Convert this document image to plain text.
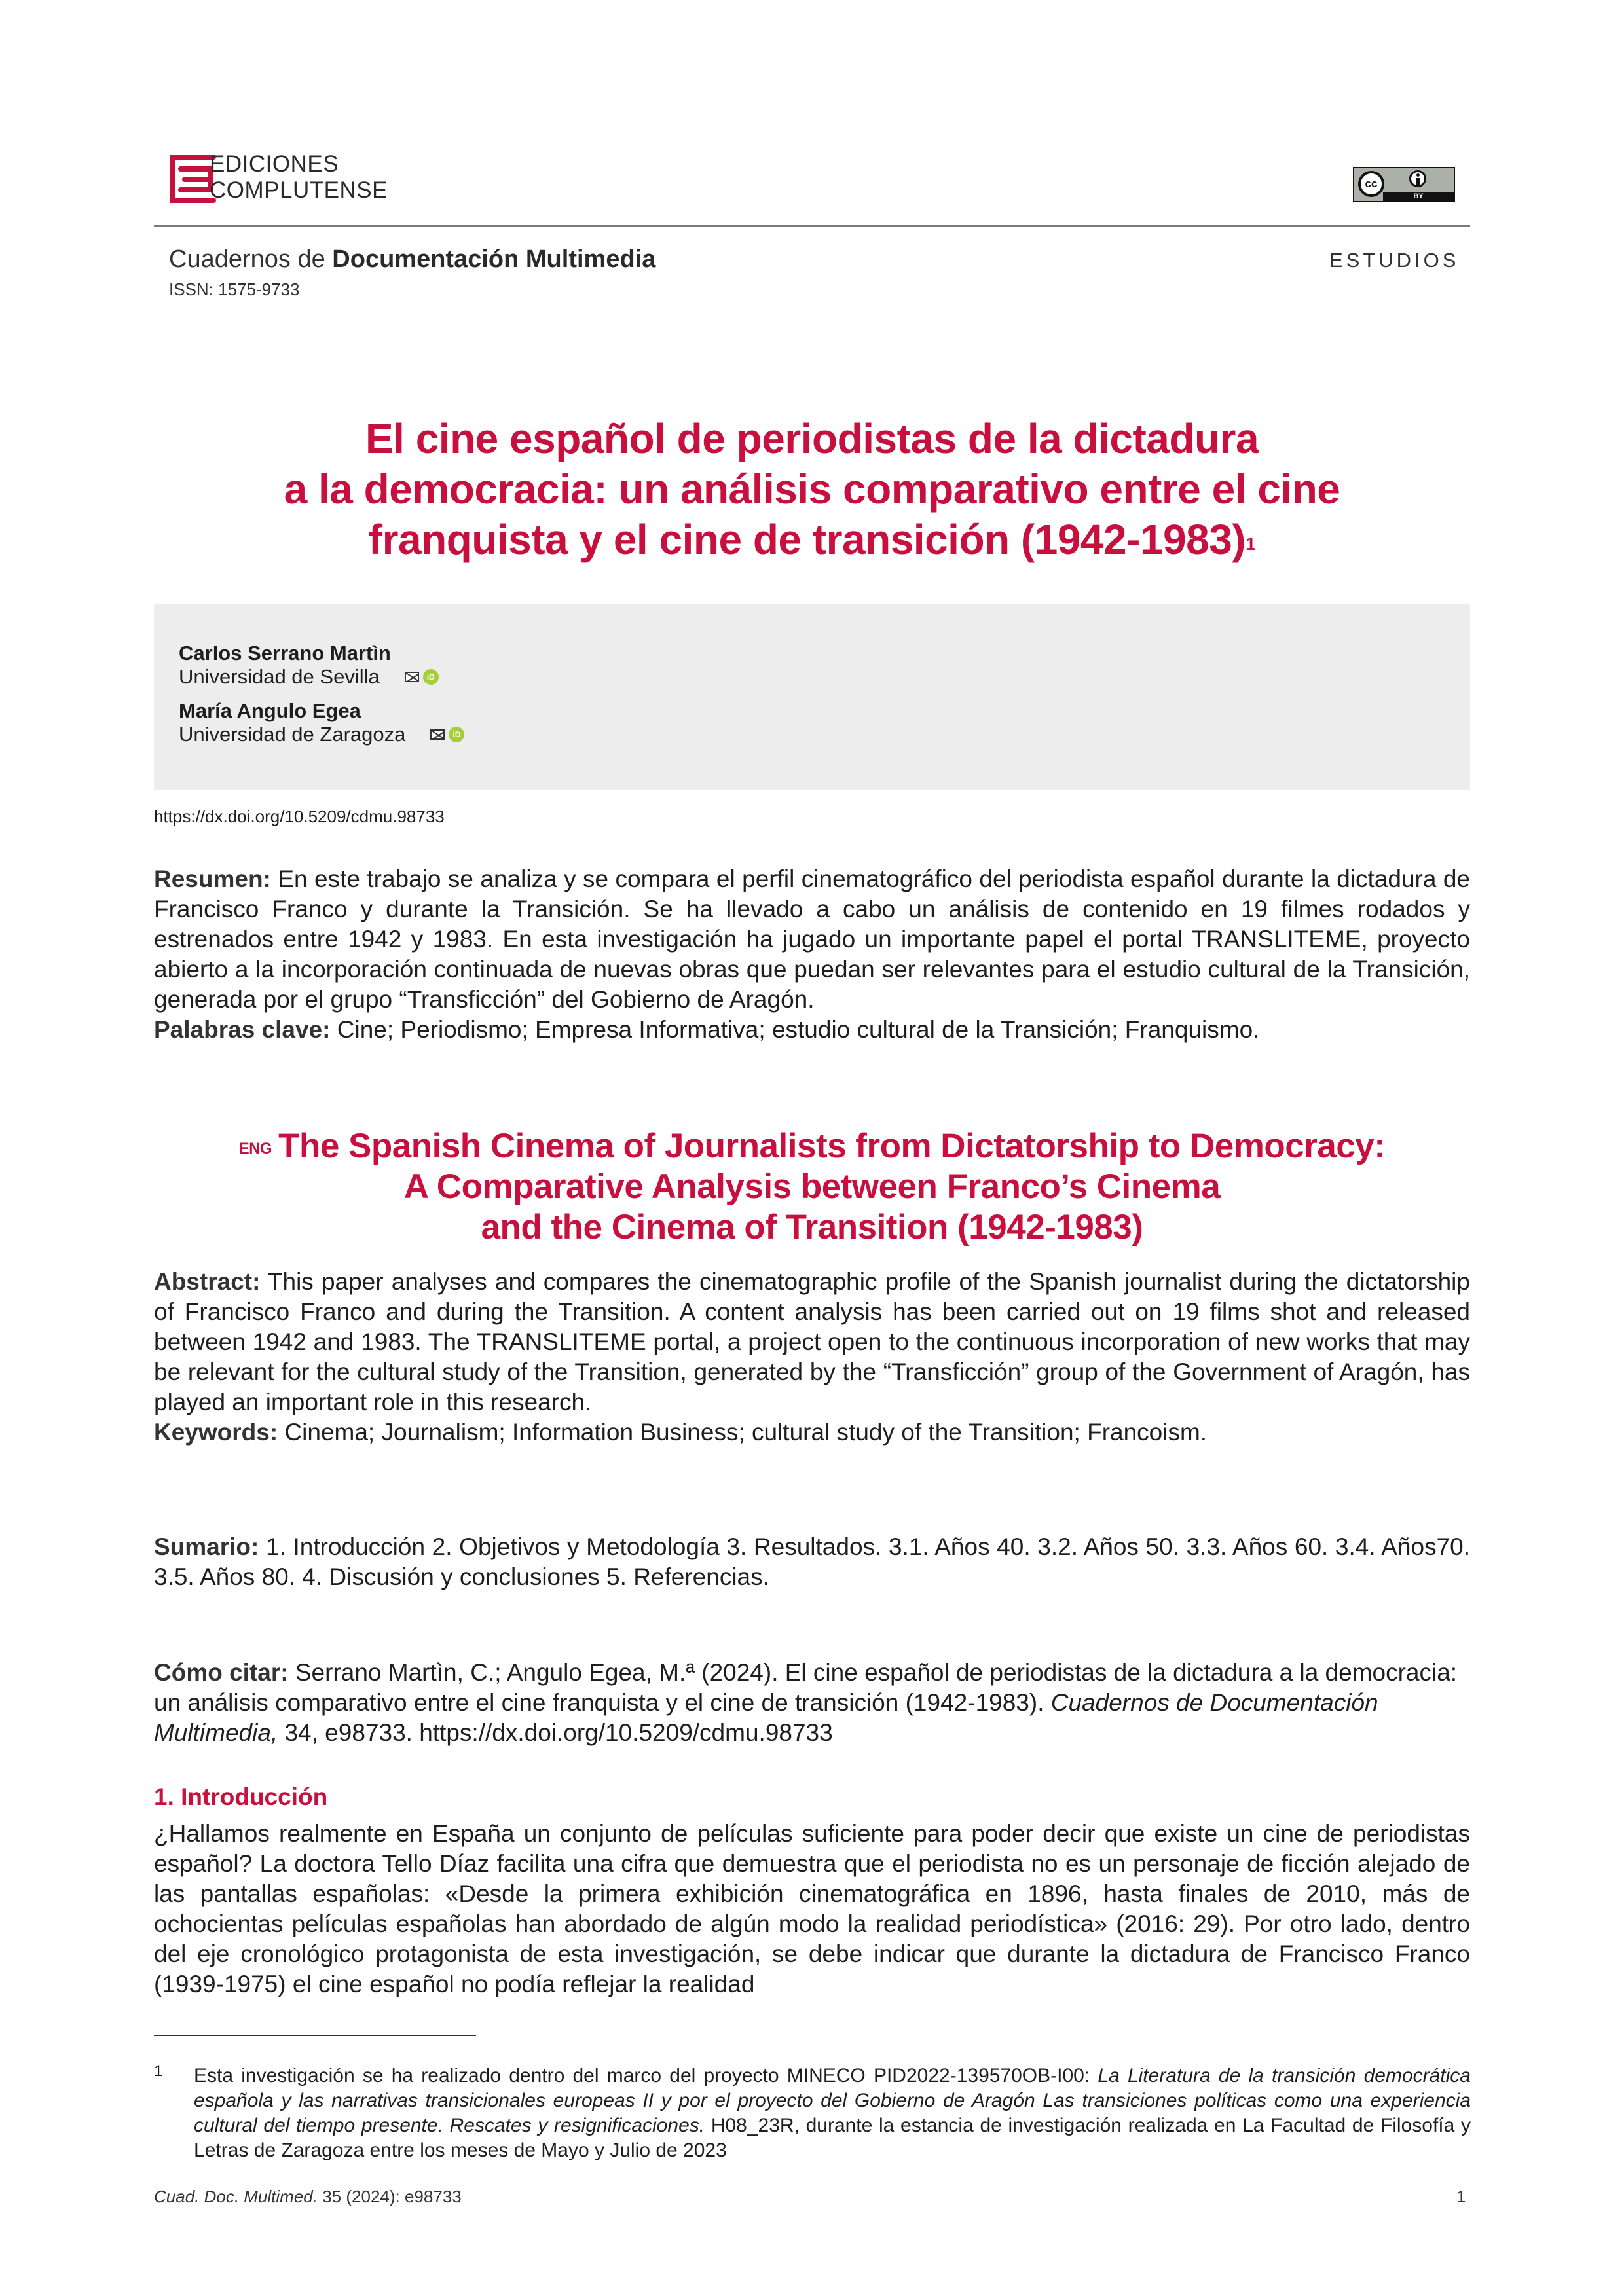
EDICIONES
COMPLUTENSE	cc
BY
Cuadernos de Documentación Multimedia
ISSN: 1575-9733
ESTUDIOS
El cine español de periodistas de la dictadura
a la democracia: un análisis comparativo entre el cine
franquista y el cine de transición (1942-1983)$^1$
Carlos Serrano Martìn
Universidad de Sevilla	iD
María Angulo Egea
Universidad de Zaragoza	iD
https://dx.doi.org/10.5209/cdmu.98733
Resumen: En este trabajo se analiza y se compara el perfil cinematográfico del periodista español durante la dictadura de Francisco Franco y durante la Transición. Se ha llevado a cabo un análisis de contenido en 19 filmes rodados y estrenados entre 1942 y 1983. En esta investigación ha jugado un importante papel el portal TRANSLITEME, proyecto abierto a la incorporación continuada de nuevas obras que puedan ser relevantes para el estudio cultural de la Transición, generada por el grupo “Transficción” del Gobierno de Aragón.
Palabras clave: Cine; Periodismo; Empresa Informativa; estudio cultural de la Transición; Franquismo.
$^{ENG}$ The Spanish Cinema of Journalists from Dictatorship to Democracy:
A Comparative Analysis between Franco’s Cinema
and the Cinema of Transition (1942-1983)
Abstract: This paper analyses and compares the cinematographic profile of the Spanish journalist during the dictatorship of Francisco Franco and during the Transition. A content analysis has been carried out on 19 films shot and released between 1942 and 1983. The TRANSLITEME portal, a project open to the continuous incorporation of new works that may be relevant for the cultural study of the Transition, generated by the “Transficción” group of the Government of Aragón, has played an important role in this research.
Keywords: Cinema; Journalism; Information Business; cultural study of the Transition; Francoism.
Sumario: 1. Introducción 2. Objetivos y Metodología 3. Resultados. 3.1. Años 40. 3.2. Años 50. 3.3. Años 60. 3.4. Años70. 3.5. Años 80. 4. Discusión y conclusiones 5. Referencias.
Cómo citar: Serrano Martìn, C.; Angulo Egea, M.ª (2024). El cine español de periodistas de la dictadura a la democracia: un análisis comparativo entre el cine franquista y el cine de transición (1942-1983). Cuadernos de Documentación Multimedia, 34, e98733. https://dx.doi.org/10.5209/cdmu.98733
1. Introducción
¿Hallamos realmente en España un conjunto de películas suficiente para poder decir que existe un cine de periodistas español? La doctora Tello Díaz facilita una cifra que demuestra que el periodista no es un personaje de ficción alejado de las pantallas españolas: «Desde la primera exhibición cinematográfica en 1896, hasta finales de 2010, más de ochocientas películas españolas han abordado de algún modo la realidad periodística» (2016: 29). Por otro lado, dentro del eje cronológico protagonista de esta investigación, se debe indicar que durante la dictadura de Francisco Franco (1939-1975) el cine español no podía reflejar la realidad
1 Esta investigación se ha realizado dentro del marco del proyecto MINECO PID2022-139570OB-I00: La Literatura de la transición democrática española y las narrativas transicionales europeas II y por el proyecto del Gobierno de Aragón Las transiciones políticas como una experiencia cultural del tiempo presente. Rescates y resignificaciones. H08_23R, durante la estancia de investigación realizada en La Facultad de Filosofía y Letras de Zaragoza entre los meses de Mayo y Julio de 2023
Cuad. Doc. Multimed. 35 (2024): e98733	1
